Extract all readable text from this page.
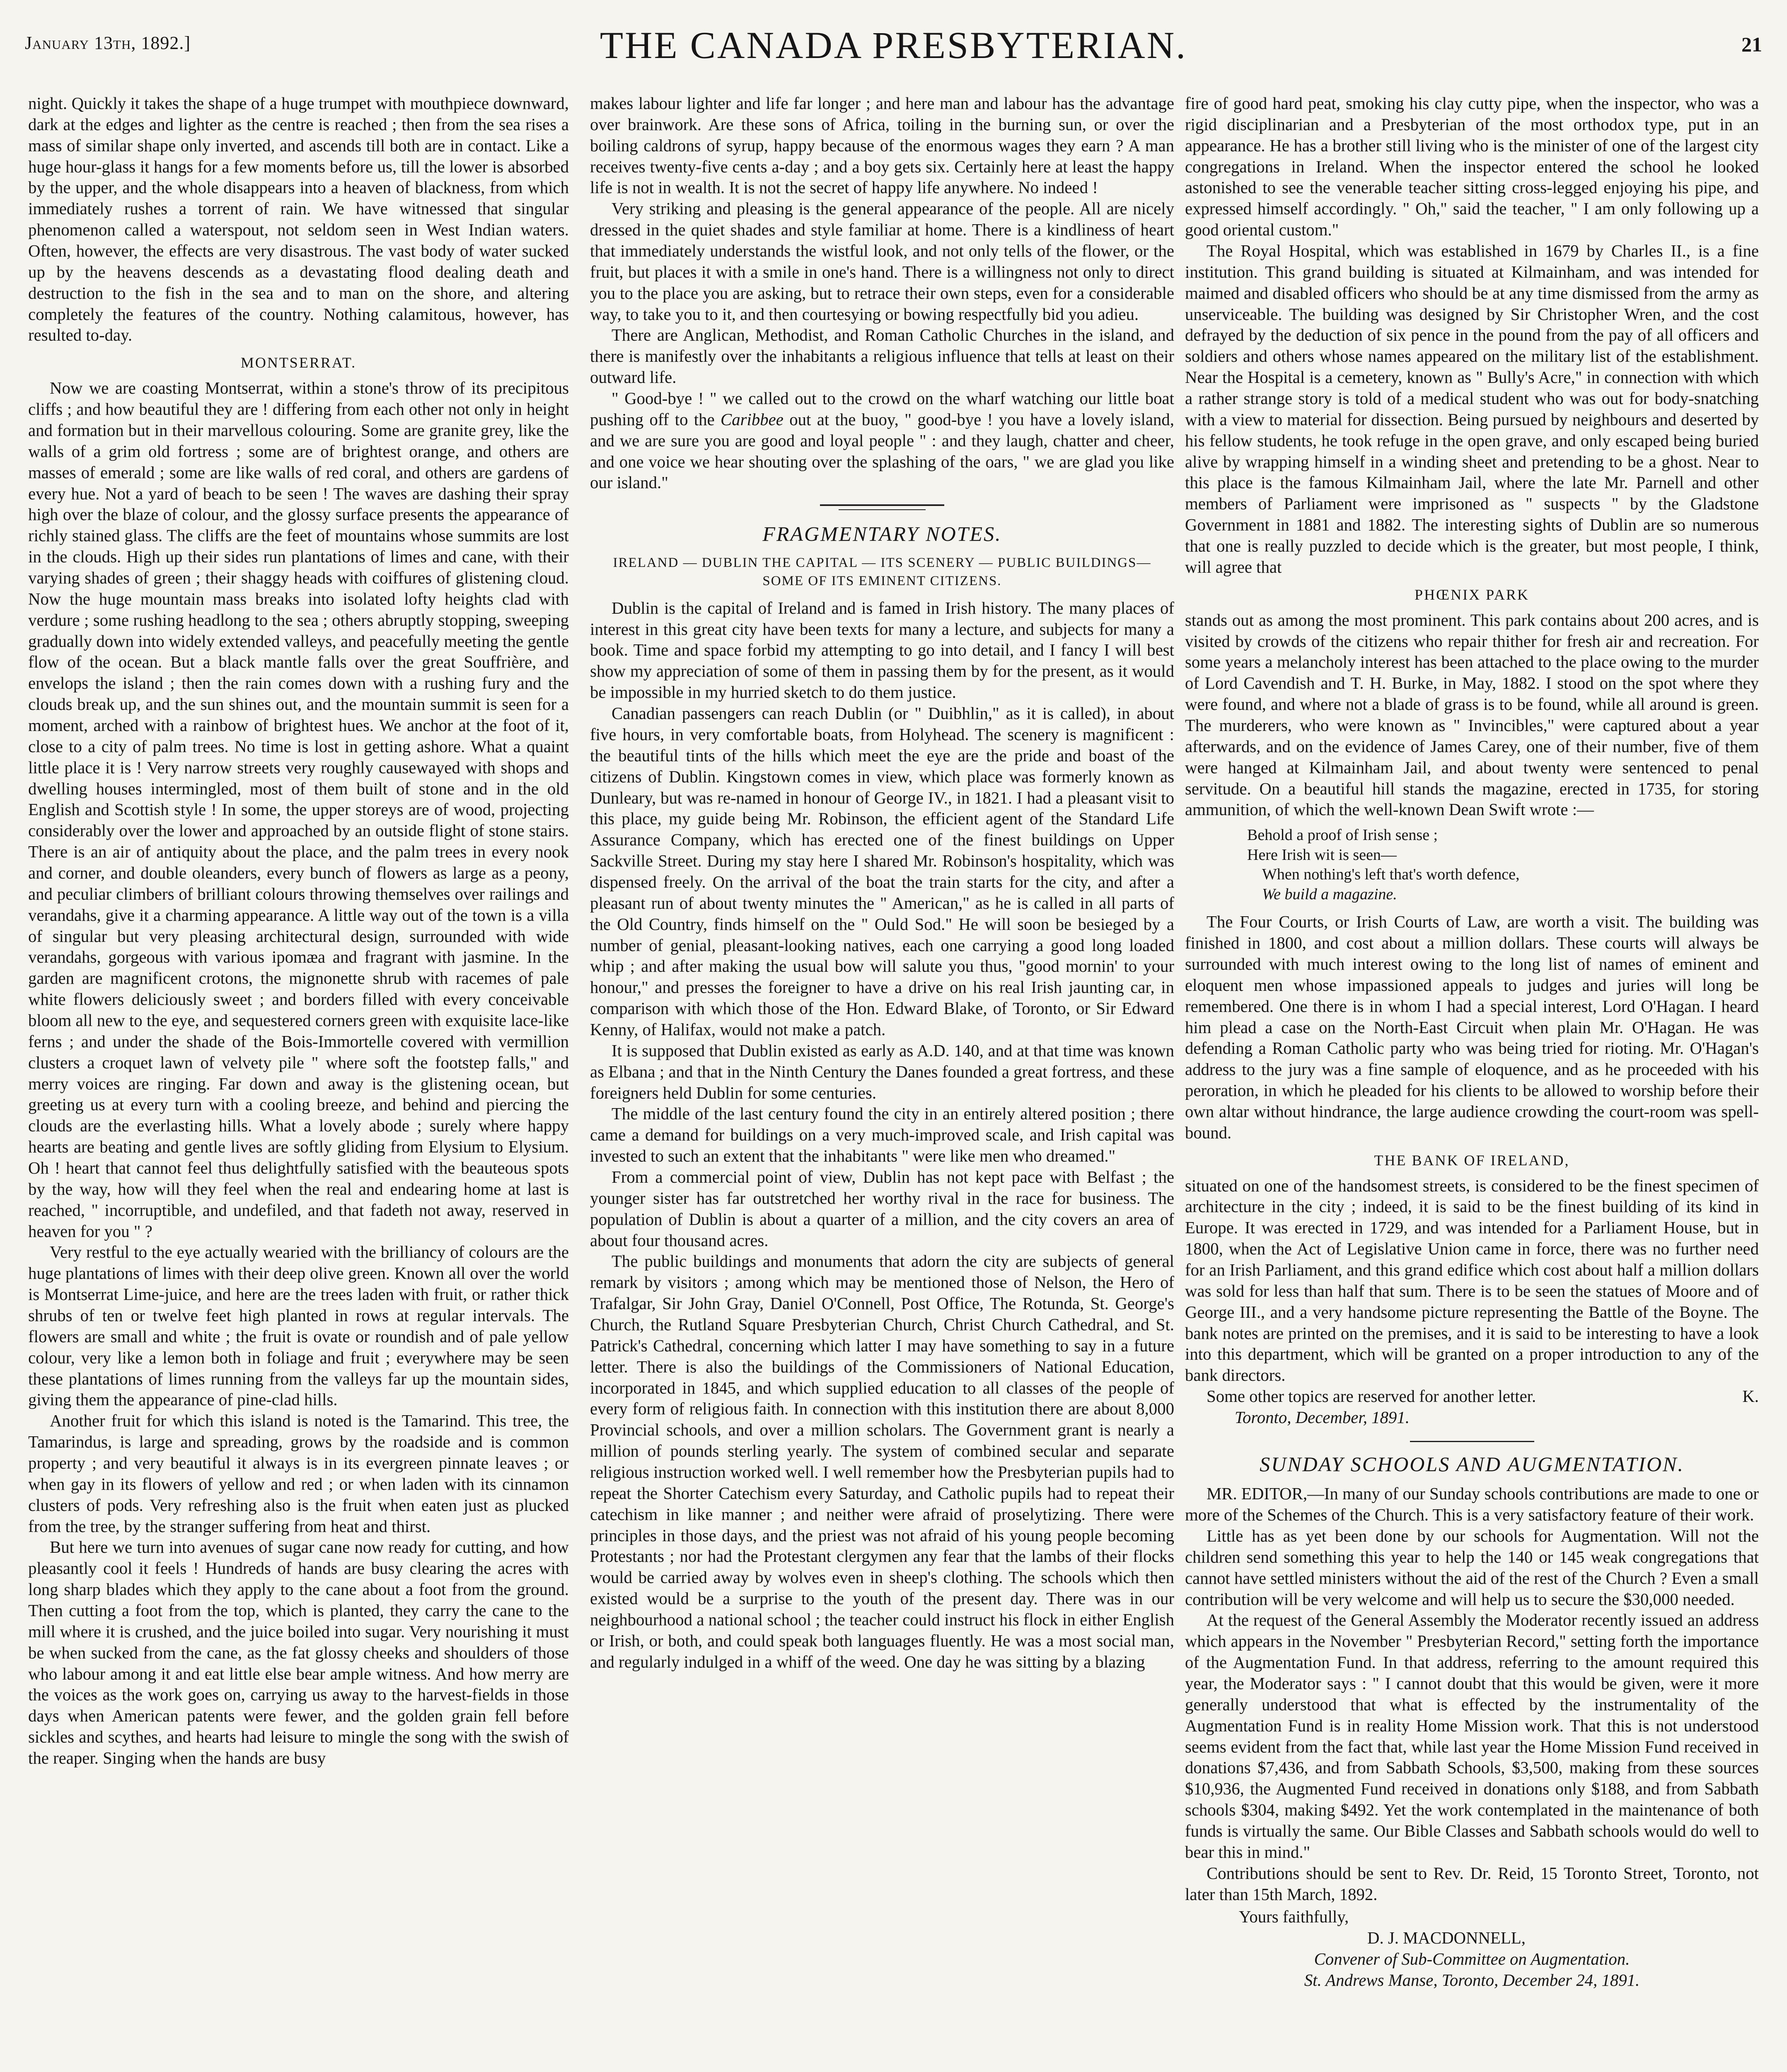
January 13th, 1892.]	THE CANADA PRESBYTERIAN.	21

night. Quickly it takes the shape of a huge trumpet with mouthpiece downward, dark at the edges and lighter as the centre is reached ; then from the sea rises a mass of similar shape only inverted, and ascends till both are in contact. Like a huge hour-glass it hangs for a few moments before us, till the lower is absorbed by the upper, and the whole disappears into a heaven of blackness, from which immediately rushes a torrent of rain. We have witnessed that singular phenomenon called a waterspout, not seldom seen in West Indian waters. Often, however, the effects are very disastrous. The vast body of water sucked up by the heavens descends as a devastating flood dealing death and destruction to the fish in the sea and to man on the shore, and altering completely the features of the country. Nothing calamitous, however, has resulted to-day.

MONTSERRAT.

Now we are coasting Montserrat, within a stone's throw of its precipitous cliffs ; and how beautiful they are ! differing from each other not only in height and formation but in their marvellous colouring. Some are granite grey, like the walls of a grim old fortress ; some are of brightest orange, and others are masses of emerald ; some are like walls of red coral, and others are gardens of every hue. Not a yard of beach to be seen ! The waves are dashing their spray high over the blaze of colour, and the glossy surface presents the appearance of richly stained glass. The cliffs are the feet of mountains whose summits are lost in the clouds. High up their sides run plantations of limes and cane, with their varying shades of green ; their shaggy heads with coiffures of glistening cloud. Now the huge mountain mass breaks into isolated lofty heights clad with verdure ; some rushing headlong to the sea ; others abruptly stopping, sweeping gradually down into widely extended valleys, and peacefully meeting the gentle flow of the ocean. But a black mantle falls over the great Souffrière, and envelops the island ; then the rain comes down with a rushing fury and the clouds break up, and the sun shines out, and the mountain summit is seen for a moment, arched with a rainbow of brightest hues. We anchor at the foot of it, close to a city of palm trees. No time is lost in getting ashore. What a quaint little place it is ! Very narrow streets very roughly causewayed with shops and dwelling houses intermingled, most of them built of stone and in the old English and Scottish style ! In some, the upper storeys are of wood, projecting considerably over the lower and approached by an outside flight of stone stairs. There is an air of antiquity about the place, and the palm trees in every nook and corner, and double oleanders, every bunch of flowers as large as a peony, and peculiar climbers of brilliant colours throwing themselves over railings and verandahs, give it a charming appearance. A little way out of the town is a villa of singular but very pleasing architectural design, surrounded with wide verandahs, gorgeous with various ipomæa and fragrant with jasmine. In the garden are magnificent crotons, the mignonette shrub with racemes of pale white flowers deliciously sweet ; and borders filled with every conceivable bloom all new to the eye, and sequestered corners green with exquisite lace-like ferns ; and under the shade of the Bois-Immortelle covered with vermillion clusters a croquet lawn of velvety pile " where soft the footstep falls," and merry voices are ringing. Far down and away is the glistening ocean, but greeting us at every turn with a cooling breeze, and behind and piercing the clouds are the everlasting hills. What a lovely abode ; surely where happy hearts are beating and gentle lives are softly gliding from Elysium to Elysium. Oh ! heart that cannot feel thus delightfully satisfied with the beauteous spots by the way, how will they feel when the real and endearing home at last is reached, " incorruptible, and undefiled, and that fadeth not away, reserved in heaven for you " ?

Very restful to the eye actually wearied with the brilliancy of colours are the huge plantations of limes with their deep olive green. Known all over the world is Montserrat Lime-juice, and here are the trees laden with fruit, or rather thick shrubs of ten or twelve feet high planted in rows at regular intervals. The flowers are small and white ; the fruit is ovate or roundish and of pale yellow colour, very like a lemon both in foliage and fruit ; everywhere may be seen these plantations of limes running from the valleys far up the mountain sides, giving them the appearance of pine-clad hills.

Another fruit for which this island is noted is the Tamarind. This tree, the Tamarindus, is large and spreading, grows by the roadside and is common property ; and very beautiful it always is in its evergreen pinnate leaves ; or when gay in its flowers of yellow and red ; or when laden with its cinnamon clusters of pods. Very refreshing also is the fruit when eaten just as plucked from the tree, by the stranger suffering from heat and thirst.

But here we turn into avenues of sugar cane now ready for cutting, and how pleasantly cool it feels ! Hundreds of hands are busy clearing the acres with long sharp blades which they apply to the cane about a foot from the ground. Then cutting a foot from the top, which is planted, they carry the cane to the mill where it is crushed, and the juice boiled into sugar. Very nourishing it must be when sucked from the cane, as the fat glossy cheeks and shoulders of those who labour among it and eat little else bear ample witness. And how merry are the voices as the work goes on, carrying us away to the harvest-fields in those days when American patents were fewer, and the golden grain fell before sickles and scythes, and hearts had leisure to mingle the song with the swish of the reaper. Singing when the hands are busy

makes labour lighter and life far longer ; and here man and labour has the advantage over brainwork. Are these sons of Africa, toiling in the burning sun, or over the boiling caldrons of syrup, happy because of the enormous wages they earn ? A man receives twenty-five cents a-day ; and a boy gets six. Certainly here at least the happy life is not in wealth. It is not the secret of happy life anywhere. No indeed !

Very striking and pleasing is the general appearance of the people. All are nicely dressed in the quiet shades and style familiar at home. There is a kindliness of heart that immediately understands the wistful look, and not only tells of the flower, or the fruit, but places it with a smile in one's hand. There is a willingness not only to direct you to the place you are asking, but to retrace their own steps, even for a considerable way, to take you to it, and then courtesying or bowing respectfully bid you adieu.

There are Anglican, Methodist, and Roman Catholic Churches in the island, and there is manifestly over the inhabitants a religious influence that tells at least on their outward life.

" Good-bye ! " we called out to the crowd on the wharf watching our little boat pushing off to the Caribbee out at the buoy, " good-bye ! you have a lovely island, and we are sure you are good and loyal people " : and they laugh, chatter and cheer, and one voice we hear shouting over the splashing of the oars, " we are glad you like our island."

FRAGMENTARY NOTES.
IRELAND — DUBLIN THE CAPITAL — ITS SCENERY — PUBLIC BUILDINGS—SOME OF ITS EMINENT CITIZENS.

Dublin is the capital of Ireland and is famed in Irish history. The many places of interest in this great city have been texts for many a lecture, and subjects for many a book. Time and space forbid my attempting to go into detail, and I fancy I will best show my appreciation of some of them in passing them by for the present, as it would be impossible in my hurried sketch to do them justice.

Canadian passengers can reach Dublin (or " Duibhlin," as it is called), in about five hours, in very comfortable boats, from Holyhead. The scenery is magnificent : the beautiful tints of the hills which meet the eye are the pride and boast of the citizens of Dublin. Kingstown comes in view, which place was formerly known as Dunleary, but was re-named in honour of George IV., in 1821. I had a pleasant visit to this place, my guide being Mr. Robinson, the efficient agent of the Standard Life Assurance Company, which has erected one of the finest buildings on Upper Sackville Street. During my stay here I shared Mr. Robinson's hospitality, which was dispensed freely. On the arrival of the boat the train starts for the city, and after a pleasant run of about twenty minutes the " American," as he is called in all parts of the Old Country, finds himself on the " Ould Sod." He will soon be besieged by a number of genial, pleasant-looking natives, each one carrying a good long loaded whip ; and after making the usual bow will salute you thus, "good mornin' to your honour," and presses the foreigner to have a drive on his real Irish jaunting car, in comparison with which those of the Hon. Edward Blake, of Toronto, or Sir Edward Kenny, of Halifax, would not make a patch.

It is supposed that Dublin existed as early as A.D. 140, and at that time was known as Elbana ; and that in the Ninth Century the Danes founded a great fortress, and these foreigners held Dublin for some centuries.

The middle of the last century found the city in an entirely altered position ; there came a demand for buildings on a very much-improved scale, and Irish capital was invested to such an extent that the inhabitants " were like men who dreamed."

From a commercial point of view, Dublin has not kept pace with Belfast ; the younger sister has far outstretched her worthy rival in the race for business. The population of Dublin is about a quarter of a million, and the city covers an area of about four thousand acres.

The public buildings and monuments that adorn the city are subjects of general remark by visitors ; among which may be mentioned those of Nelson, the Hero of Trafalgar, Sir John Gray, Daniel O'Connell, Post Office, The Rotunda, St. George's Church, the Rutland Square Presbyterian Church, Christ Church Cathedral, and St. Patrick's Cathedral, concerning which latter I may have something to say in a future letter. There is also the buildings of the Commissioners of National Education, incorporated in 1845, and which supplied education to all classes of the people of every form of religious faith. In connection with this institution there are about 8,000 Provincial schools, and over a million scholars. The Government grant is nearly a million of pounds sterling yearly. The system of combined secular and separate religious instruction worked well. I well remember how the Presbyterian pupils had to repeat the Shorter Catechism every Saturday, and Catholic pupils had to repeat their catechism in like manner ; and neither were afraid of proselytizing. There were principles in those days, and the priest was not afraid of his young people becoming Protestants ; nor had the Protestant clergymen any fear that the lambs of their flocks would be carried away by wolves even in sheep's clothing. The schools which then existed would be a surprise to the youth of the present day. There was in our neighbourhood a national school ; the teacher could instruct his flock in either English or Irish, or both, and could speak both languages fluently. He was a most social man, and regularly indulged in a whiff of the weed. One day he was sitting by a blazing

fire of good hard peat, smoking his clay cutty pipe, when the inspector, who was a rigid disciplinarian and a Presbyterian of the most orthodox type, put in an appearance. He has a brother still living who is the minister of one of the largest city congregations in Ireland. When the inspector entered the school he looked astonished to see the venerable teacher sitting cross-legged enjoying his pipe, and expressed himself accordingly. " Oh," said the teacher, " I am only following up a good oriental custom."

The Royal Hospital, which was established in 1679 by Charles II., is a fine institution. This grand building is situated at Kilmainham, and was intended for maimed and disabled officers who should be at any time dismissed from the army as unserviceable. The building was designed by Sir Christopher Wren, and the cost defrayed by the deduction of six pence in the pound from the pay of all officers and soldiers and others whose names appeared on the military list of the establishment. Near the Hospital is a cemetery, known as " Bully's Acre," in connection with which a rather strange story is told of a medical student who was out for body-snatching with a view to material for dissection. Being pursued by neighbours and deserted by his fellow students, he took refuge in the open grave, and only escaped being buried alive by wrapping himself in a winding sheet and pretending to be a ghost. Near to this place is the famous Kilmainham Jail, where the late Mr. Parnell and other members of Parliament were imprisoned as " suspects " by the Gladstone Government in 1881 and 1882. The interesting sights of Dublin are so numerous that one is really puzzled to decide which is the greater, but most people, I think, will agree that

PHŒNIX PARK

stands out as among the most prominent. This park contains about 200 acres, and is visited by crowds of the citizens who repair thither for fresh air and recreation. For some years a melancholy interest has been attached to the place owing to the murder of Lord Cavendish and T. H. Burke, in May, 1882. I stood on the spot where they were found, and where not a blade of grass is to be found, while all around is green. The murderers, who were known as " Invincibles," were captured about a year afterwards, and on the evidence of James Carey, one of their number, five of them were hanged at Kilmainham Jail, and about twenty were sentenced to penal servitude. On a beautiful hill stands the magazine, erected in 1735, for storing ammunition, of which the well-known Dean Swift wrote :—

Behold a proof of Irish sense ;
Here Irish wit is seen—
When nothing's left that's worth defence,
We build a magazine.

The Four Courts, or Irish Courts of Law, are worth a visit. The building was finished in 1800, and cost about a million dollars. These courts will always be surrounded with much interest owing to the long list of names of eminent and eloquent men whose impassioned appeals to judges and juries will long be remembered. One there is in whom I had a special interest, Lord O'Hagan. I heard him plead a case on the North-East Circuit when plain Mr. O'Hagan. He was defending a Roman Catholic party who was being tried for rioting. Mr. O'Hagan's address to the jury was a fine sample of eloquence, and as he proceeded with his peroration, in which he pleaded for his clients to be allowed to worship before their own altar without hindrance, the large audience crowding the court-room was spell-bound.

THE BANK OF IRELAND,

situated on one of the handsomest streets, is considered to be the finest specimen of architecture in the city ; indeed, it is said to be the finest building of its kind in Europe. It was erected in 1729, and was intended for a Parliament House, but in 1800, when the Act of Legislative Union came in force, there was no further need for an Irish Parliament, and this grand edifice which cost about half a million dollars was sold for less than half that sum. There is to be seen the statues of Moore and of George III., and a very handsome picture representing the Battle of the Boyne. The bank notes are printed on the premises, and it is said to be interesting to have a look into this department, which will be granted on a proper introduction to any of the bank directors.

Some other topics are reserved for another letter.	K.
Toronto, December, 1891.
SUNDAY SCHOOLS AND AUGMENTATION.

MR. EDITOR,—In many of our Sunday schools contributions are made to one or more of the Schemes of the Church. This is a very satisfactory feature of their work.

Little has as yet been done by our schools for Augmentation. Will not the children send something this year to help the 140 or 145 weak congregations that cannot have settled ministers without the aid of the rest of the Church ? Even a small contribution will be very welcome and will help us to secure the $30,000 needed.

At the request of the General Assembly the Moderator recently issued an address which appears in the November " Presbyterian Record," setting forth the importance of the Augmentation Fund. In that address, referring to the amount required this year, the Moderator says : " I cannot doubt that this would be given, were it more generally understood that what is effected by the instrumentality of the Augmentation Fund is in reality Home Mission work. That this is not understood seems evident from the fact that, while last year the Home Mission Fund received in donations $7,436, and from Sabbath Schools, $3,500, making from these sources $10,936, the Augmented Fund received in donations only $188, and from Sabbath schools $304, making $492. Yet the work contemplated in the maintenance of both funds is virtually the same. Our Bible Classes and Sabbath schools would do well to bear this in mind."

Contributions should be sent to Rev. Dr. Reid, 15 Toronto Street, Toronto, not later than 15th March, 1892.

Yours faithfully,
D. J. MACDONNELL,
Convener of Sub-Committee on Augmentation.
St. Andrews Manse, Toronto, December 24, 1891.
